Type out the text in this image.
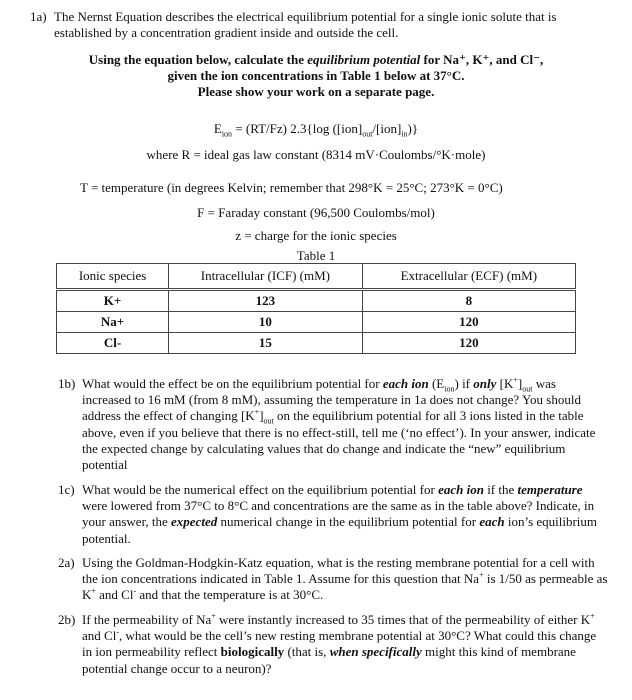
1a) The Nernst Equation describes the electrical equilibrium potential for a single ionic solute that is established by a concentration gradient inside and outside the cell.
Using the equation below, calculate the equilibrium potential for Na⁺, K⁺, and Cl⁻,
given the ion concentrations in Table 1 below at 37°C.
Please show your work on a separate page.
$E_{ion} = (RT/Fz)$ 2.3{log $([ion]_{out}/[ion]_{in})$}
where R = ideal gas law constant (8314 mV·Coulombs/°K·mole)
T = temperature (in degrees Kelvin; remember that 298°K = 25°C; 273°K = 0°C)
F = Faraday constant (96,500 Coulombs/mol)
z = charge for the ionic species
Table 1
Ionic species	Intracellular (ICF) (mM)	Extracellular (ECF) (mM)
K+	123	8
Na+	10	120
Cl-	15	120
1b) What would the effect be on the equilibrium potential for each ion $(E_{ion})$ if only $[K^+]_{out}$ was increased to 16 mM (from 8 mM), assuming the temperature in 1a does not change? You should address the effect of changing $[K^+]_{out}$ on the equilibrium potential for all 3 ions listed in the table above, even if you believe that there is no effect-still, tell me (‘no effect’). In your answer, indicate the expected change by calculating values that do change and indicate the “new” equilibrium potential
1c) What would be the numerical effect on the equilibrium potential for each ion if the temperature were lowered from 37°C to 8°C and concentrations are the same as in the table above? Indicate, in your answer, the expected numerical change in the equilibrium potential for each ion’s equilibrium potential.
2a) Using the Goldman-Hodgkin-Katz equation, what is the resting membrane potential for a cell with the ion concentrations indicated in Table 1. Assume for this question that Na+ is 1/50 as permeable as K+ and Cl- and that the temperature is at 30°C.
2b) If the permeability of Na+ were instantly increased to 35 times that of the permeability of either K+ and Cl-, what would be the cell’s new resting membrane potential at 30°C? What could this change in ion permeability reflect biologically (that is, when specifically might this kind of membrane potential change occur to a neuron)?
